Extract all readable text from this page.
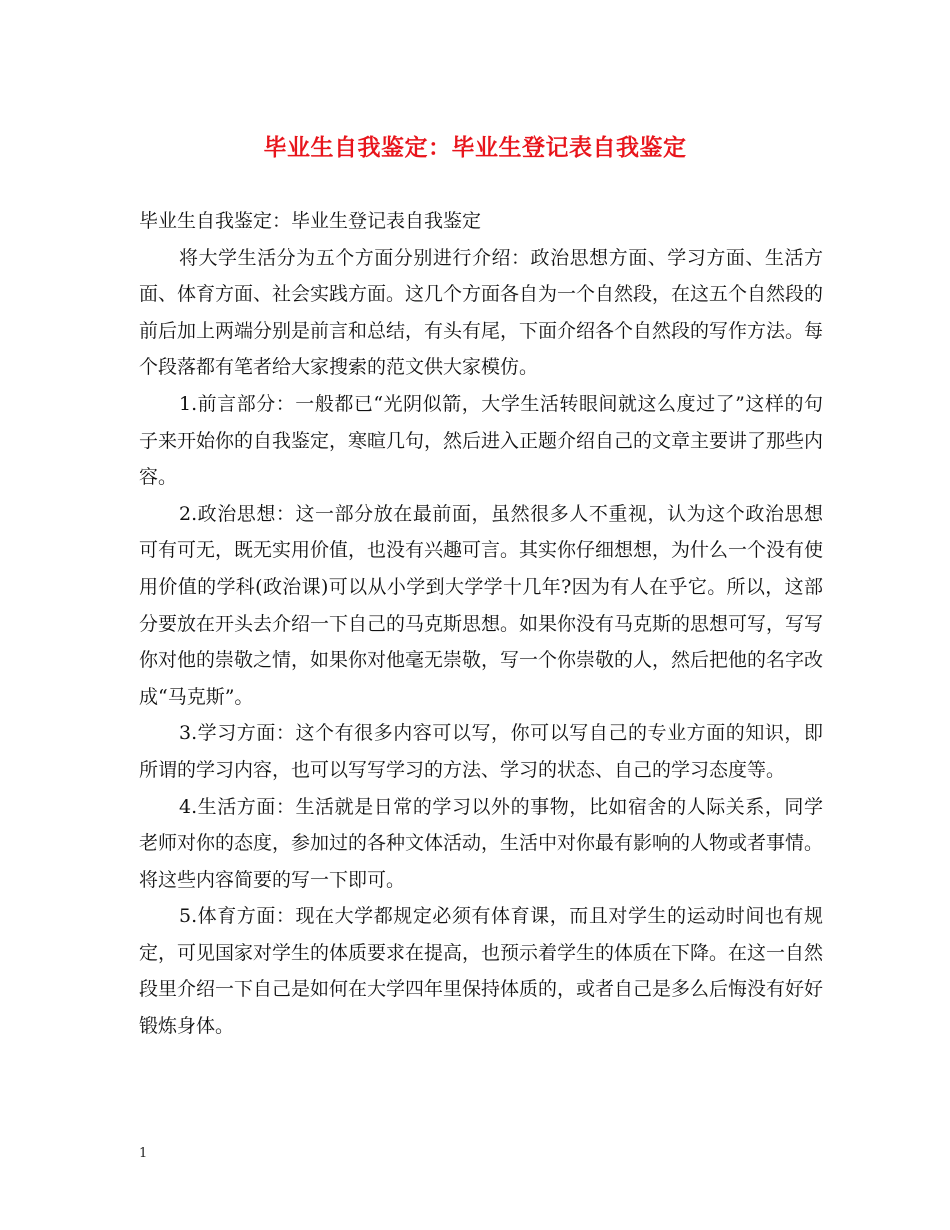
毕业生自我鉴定：毕业生登记表自我鉴定

毕业生自我鉴定：毕业生登记表自我鉴定

将大学生活分为五个方面分别进行介绍：政治思想方面、学习方面、生活方面、体育方面、社会实践方面。这几个方面各自为一个自然段，在这五个自然段的前后加上两端分别是前言和总结，有头有尾，下面介绍各个自然段的写作方法。每个段落都有笔者给大家搜索的范文供大家模仿。

1.前言部分：一般都已“光阴似箭，大学生活转眼间就这么度过了”这样的句子来开始你的自我鉴定，寒暄几句，然后进入正题介绍自己的文章主要讲了那些内容。

2.政治思想：这一部分放在最前面，虽然很多人不重视，认为这个政治思想可有可无，既无实用价值，也没有兴趣可言。其实你仔细想想，为什么一个没有使用价值的学科(政治课)可以从小学到大学学十几年?因为有人在乎它。所以，这部分要放在开头去介绍一下自己的马克斯思想。如果你没有马克斯的思想可写，写写你对他的崇敬之情，如果你对他毫无崇敬，写一个你崇敬的人，然后把他的名字改成“马克斯”。

3.学习方面：这个有很多内容可以写，你可以写自己的专业方面的知识，即所谓的学习内容，也可以写写学习的方法、学习的状态、自己的学习态度等。

4.生活方面：生活就是日常的学习以外的事物，比如宿舍的人际关系，同学老师对你的态度，参加过的各种文体活动，生活中对你最有影响的人物或者事情。将这些内容简要的写一下即可。

5.体育方面：现在大学都规定必须有体育课，而且对学生的运动时间也有规定，可见国家对学生的体质要求在提高，也预示着学生的体质在下降。在这一自然段里介绍一下自己是如何在大学四年里保持体质的，或者自己是多么后悔没有好好锻炼身体。

1
